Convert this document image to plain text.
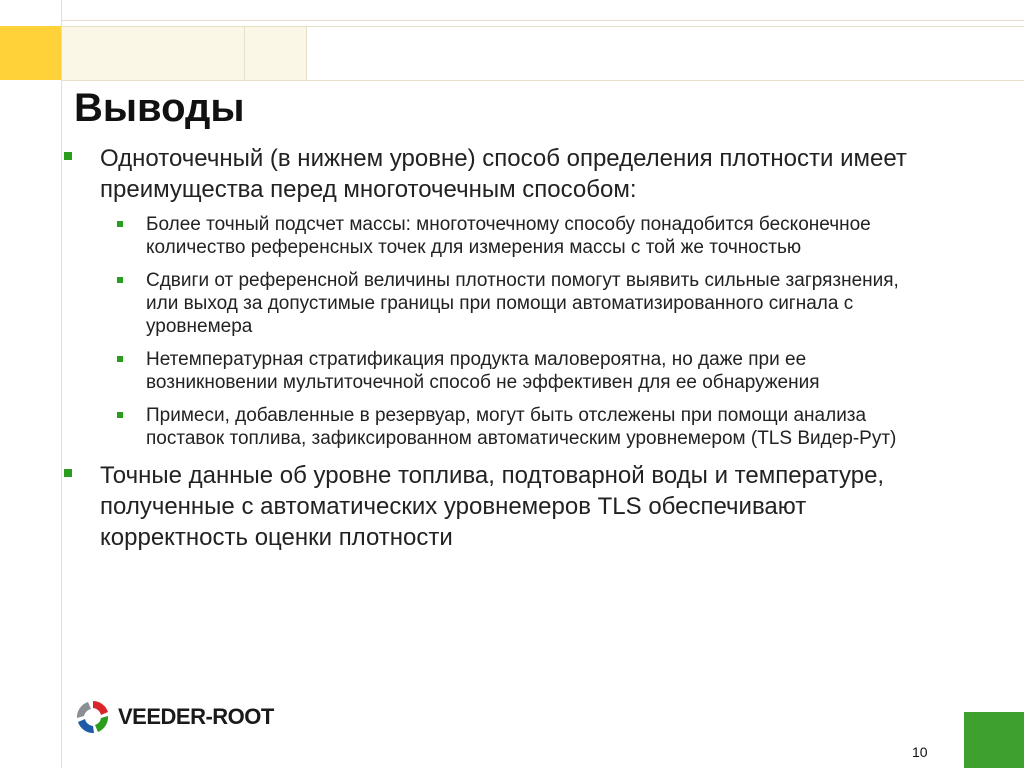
Выводы
Одноточечный (в нижнем уровне) способ определения плотности имеет преимущества перед многоточечным способом:
Более точный подсчет массы: многоточечному способу понадобится бесконечное количество референсных точек для измерения массы с той же точностью
Сдвиги от референсной величины плотности помогут выявить сильные загрязнения, или выход за допустимые границы при помощи автоматизированного сигнала с уровнемера
Нетемпературная стратификация продукта маловероятна, но даже при ее возникновении мультиточечной способ не эффективен для ее обнаружения
Примеси, добавленные в резервуар, могут быть отслежены при помощи анализа поставок топлива, зафиксированном автоматическим уровнемером (TLS Видер-Рут)
Точные данные об уровне топлива, подтоварной воды и температуре, полученные с автоматических уровнемеров TLS обеспечивают корректность оценки плотности
VEEDER-ROOT
10
